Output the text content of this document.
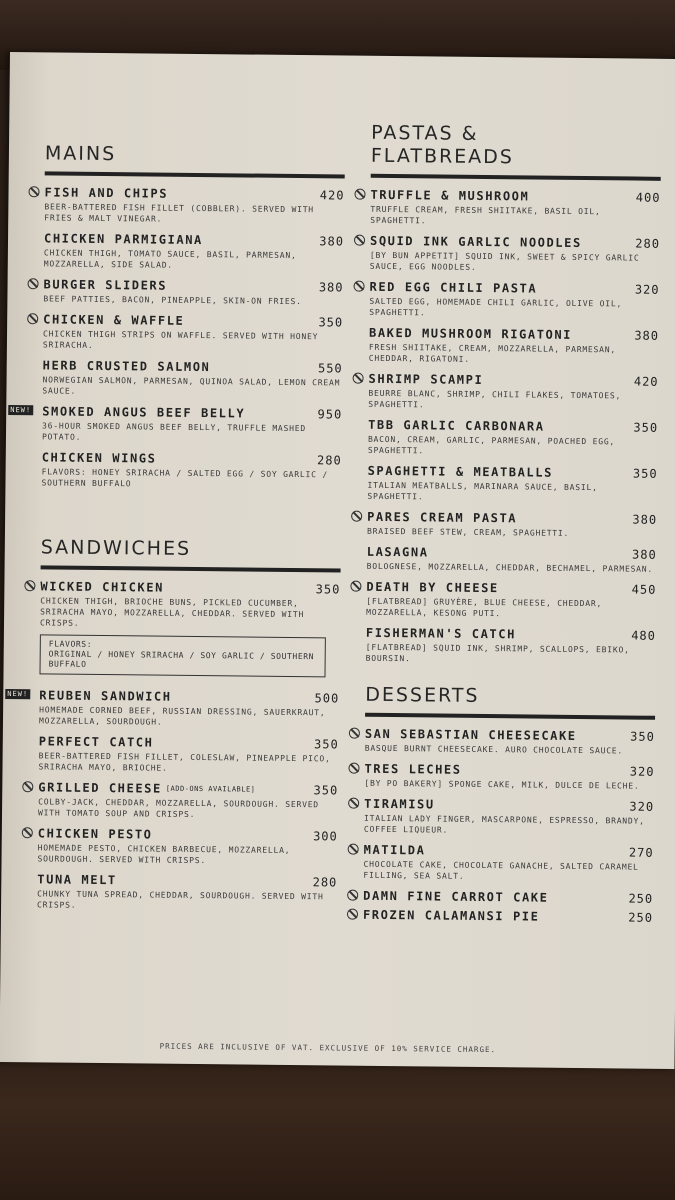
MAINS
FISH AND CHIPS	420
BEER-BATTERED FISH FILLET (COBBLER). SERVED WITH FRIES & MALT VINEGAR.
CHICKEN PARMIGIANA	380
CHICKEN THIGH, TOMATO SAUCE, BASIL, PARMESAN, MOZZARELLA, SIDE SALAD.
BURGER SLIDERS	380
BEEF PATTIES, BACON, PINEAPPLE, SKIN-ON FRIES.
CHICKEN & WAFFLE	350
CHICKEN THIGH STRIPS ON WAFFLE. SERVED WITH HONEY SRIRACHA.
HERB CRUSTED SALMON	550
NORWEGIAN SALMON, PARMESAN, QUINOA SALAD, LEMON CREAM SAUCE.
NEW! SMOKED ANGUS BEEF BELLY	950
36-HOUR SMOKED ANGUS BEEF BELLY, TRUFFLE MASHED POTATO.
CHICKEN WINGS	280
FLAVORS: HONEY SRIRACHA / SALTED EGG / SOY GARLIC / SOUTHERN BUFFALO
SANDWICHES
WICKED CHICKEN	350
CHICKEN THIGH, BRIOCHE BUNS, PICKLED CUCUMBER, SRIRACHA MAYO, MOZZARELLA, CHEDDAR. SERVED WITH CRISPS.
FLAVORS:
ORIGINAL / HONEY SRIRACHA / SOY GARLIC / SOUTHERN BUFFALO
NEW! REUBEN SANDWICH	500
HOMEMADE CORNED BEEF, RUSSIAN DRESSING, SAUERKRAUT, MOZZARELLA, SOURDOUGH.
PERFECT CATCH	350
BEER-BATTERED FISH FILLET, COLESLAW, PINEAPPLE PICO, SRIRACHA MAYO, BRIOCHE.
GRILLED CHEESE [ADD-ONS AVAILABLE]	350
COLBY-JACK, CHEDDAR, MOZZARELLA, SOURDOUGH. SERVED WITH TOMATO SOUP AND CRISPS.
CHICKEN PESTO	300
HOMEMADE PESTO, CHICKEN BARBECUE, MOZZARELLA, SOURDOUGH. SERVED WITH CRISPS.
TUNA MELT	280
CHUNKY TUNA SPREAD, CHEDDAR, SOURDOUGH. SERVED WITH CRISPS.
PASTAS &
FLATBREADS
TRUFFLE & MUSHROOM	400
TRUFFLE CREAM, FRESH SHIITAKE, BASIL OIL, SPAGHETTI.
SQUID INK GARLIC NOODLES	280
[BY BUN APPETIT] SQUID INK, SWEET & SPICY GARLIC SAUCE, EGG NOODLES.
RED EGG CHILI PASTA	320
SALTED EGG, HOMEMADE CHILI GARLIC, OLIVE OIL, SPAGHETTI.
BAKED MUSHROOM RIGATONI	380
FRESH SHIITAKE, CREAM, MOZZARELLA, PARMESAN, CHEDDAR, RIGATONI.
SHRIMP SCAMPI	420
BEURRE BLANC, SHRIMP, CHILI FLAKES, TOMATOES, SPAGHETTI.
TBB GARLIC CARBONARA	350
BACON, CREAM, GARLIC, PARMESAN, POACHED EGG, SPAGHETTI.
SPAGHETTI & MEATBALLS	350
ITALIAN MEATBALLS, MARINARA SAUCE, BASIL, SPAGHETTI.
PARES CREAM PASTA	380
BRAISED BEEF STEW, CREAM, SPAGHETTI.
LASAGNA	380
BOLOGNESE, MOZZARELLA, CHEDDAR, BECHAMEL, PARMESAN.
DEATH BY CHEESE	450
[FLATBREAD] GRUYÈRE, BLUE CHEESE, CHEDDAR, MOZZARELLA, KESONG PUTI.
FISHERMAN'S CATCH	480
[FLATBREAD] SQUID INK, SHRIMP, SCALLOPS, EBIKO, BOURSIN.
DESSERTS
SAN SEBASTIAN CHEESECAKE	350
BASQUE BURNT CHEESECAKE. AURO CHOCOLATE SAUCE.
TRES LECHES	320
[BY PO BAKERY] SPONGE CAKE, MILK, DULCE DE LECHE.
TIRAMISU	320
ITALIAN LADY FINGER, MASCARPONE, ESPRESSO, BRANDY, COFFEE LIQUEUR.
MATILDA	270
CHOCOLATE CAKE, CHOCOLATE GANACHE, SALTED CARAMEL FILLING, SEA SALT.
DAMN FINE CARROT CAKE	250
FROZEN CALAMANSI PIE	250
PRICES ARE INCLUSIVE OF VAT. EXCLUSIVE OF 10% SERVICE CHARGE.
